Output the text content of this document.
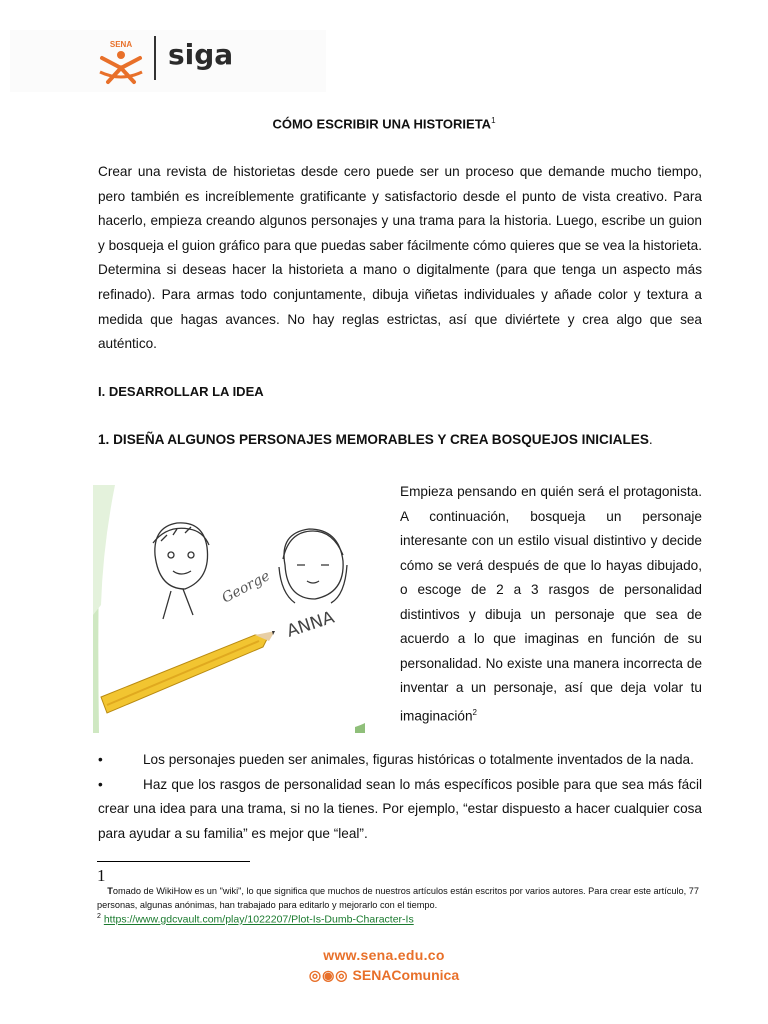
SENA siga
CÓMO ESCRIBIR UNA HISTORIETA$^1$

Crear una revista de historietas desde cero puede ser un proceso que demande mucho tiempo, pero también es increíblemente gratificante y satisfactorio desde el punto de vista creativo. Para hacerlo, empieza creando algunos personajes y una trama para la historia. Luego, escribe un guion y bosqueja el guion gráfico para que puedas saber fácilmente cómo quieres que se vea la historieta. Determina si deseas hacer la historieta a mano o digitalmente (para que tenga un aspecto más refinado). Para armas todo conjuntamente, dibuja viñetas individuales y añade color y textura a medida que hagas avances. No hay reglas estrictas, así que diviértete y crea algo que sea auténtico.

I. DESARROLLAR LA IDEA
1. DISEÑA ALGUNOS PERSONAJES MEMORABLES Y CREA BOSQUEJOS INICIALES.
George
ANNA

Empieza pensando en quién será el protagonista. A continuación, bosqueja un personaje interesante con un estilo visual distintivo y decide cómo se verá después de que lo hayas dibujado, o escoge de 2 a 3 rasgos de personalidad distintivos y dibuja un personaje que sea de acuerdo a lo que imaginas en función de su personalidad. No existe una manera incorrecta de inventar a un personaje, así que deja volar tu imaginación$^2$

•	Los personajes pueden ser animales, figuras históricas o totalmente inventados de la nada.
•	Haz que los rasgos de personalidad sean lo más específicos posible para que sea más fácil crear una idea para una trama, si no la tienes. Por ejemplo, “estar dispuesto a hacer cualquier cosa para ayudar a su familia” es mejor que “leal”.
1

Tomado de WikiHow es un "wiki", lo que significa que muchos de nuestros artículos están escritos por varios autores. Para crear este artículo, 77 personas, algunas anónimas, han trabajado para editarlo y mejorarlo con el tiempo.

$^2$ https://www.gdcvault.com/play/1022207/Plot-Is-Dumb-Character-Is
www.sena.edu.co
◎◉◎ SENAComunica
